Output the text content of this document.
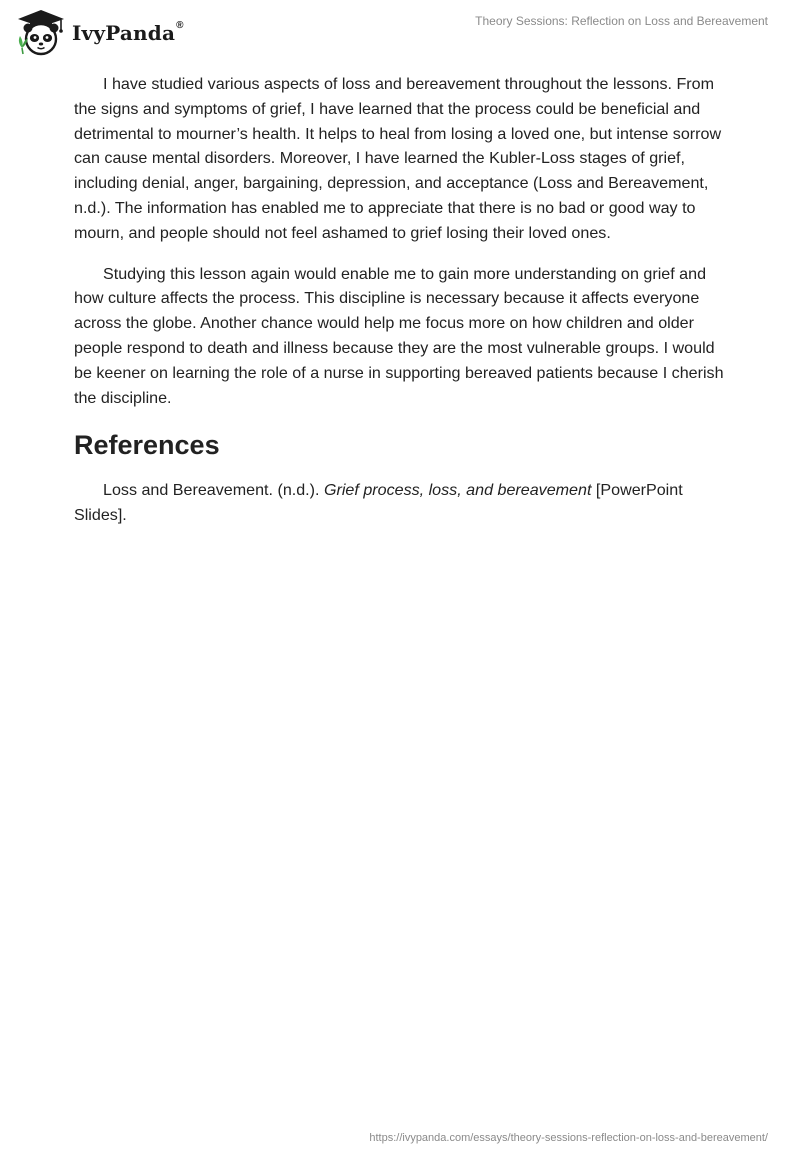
IvyPanda®	Theory Sessions: Reflection on Loss and Bereavement

I have studied various aspects of loss and bereavement throughout the lessons. From the signs and symptoms of grief, I have learned that the process could be beneficial and detrimental to mourner’s health. It helps to heal from losing a loved one, but intense sorrow can cause mental disorders. Moreover, I have learned the Kubler-Loss stages of grief, including denial, anger, bargaining, depression, and acceptance (Loss and Bereavement, n.d.). The information has enabled me to appreciate that there is no bad or good way to mourn, and people should not feel ashamed to grief losing their loved ones.

Studying this lesson again would enable me to gain more understanding on grief and how culture affects the process. This discipline is necessary because it affects everyone across the globe. Another chance would help me focus more on how children and older people respond to death and illness because they are the most vulnerable groups. I would be keener on learning the role of a nurse in supporting bereaved patients because I cherish the discipline.

References

Loss and Bereavement. (n.d.). Grief process, loss, and bereavement [PowerPoint Slides].

https://ivypanda.com/essays/theory-sessions-reflection-on-loss-and-bereavement/
